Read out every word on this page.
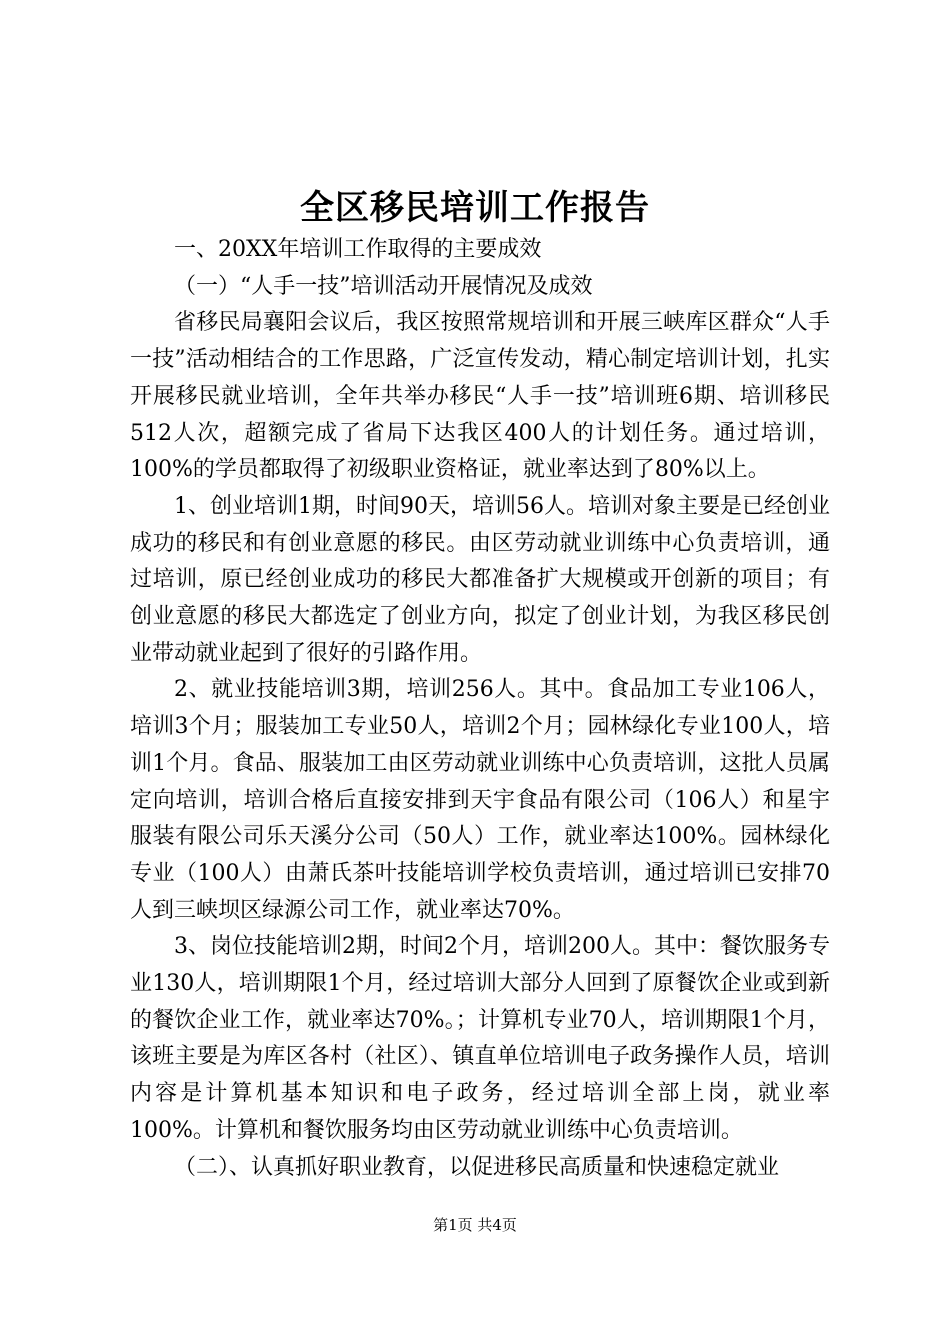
全区移民培训工作报告

一、20XX年培训工作取得的主要成效

（一）“人手一技”培训活动开展情况及成效

省移民局襄阳会议后，我区按照常规培训和开展三峡库区群众“人手一技”活动相结合的工作思路，广泛宣传发动，精心制定培训计划，扎实开展移民就业培训，全年共举办移民“人手一技”培训班6期、培训移民512人次，超额完成了省局下达我区400人的计划任务。通过培训，100%的学员都取得了初级职业资格证，就业率达到了80%以上。

1、创业培训1期，时间90天，培训56人。培训对象主要是已经创业成功的移民和有创业意愿的移民。由区劳动就业训练中心负责培训，通过培训，原已经创业成功的移民大都准备扩大规模或开创新的项目；有创业意愿的移民大都选定了创业方向，拟定了创业计划，为我区移民创业带动就业起到了很好的引路作用。

2、就业技能培训3期，培训256人。其中。食品加工专业106人，培训3个月；服装加工专业50人，培训2个月；园林绿化专业100人，培训1个月。食品、服装加工由区劳动就业训练中心负责培训，这批人员属定向培训，培训合格后直接安排到天宇食品有限公司（106人）和星宇服装有限公司乐天溪分公司（50人）工作，就业率达100%。园林绿化专业（100人）由萧氏茶叶技能培训学校负责培训，通过培训已安排70人到三峡坝区绿源公司工作，就业率达70%。

3、岗位技能培训2期，时间2个月，培训200人。其中：餐饮服务专业130人，培训期限1个月，经过培训大部分人回到了原餐饮企业或到新的餐饮企业工作，就业率达70%。；计算机专业70人，培训期限1个月，该班主要是为库区各村（社区）、镇直单位培训电子政务操作人员，培训内容是计算机基本知识和电子政务，经过培训全部上岗，就业率100%。计算机和餐饮服务均由区劳动就业训练中心负责培训。

（二）、认真抓好职业教育，以促进移民高质量和快速稳定就业

第1页 共4页
